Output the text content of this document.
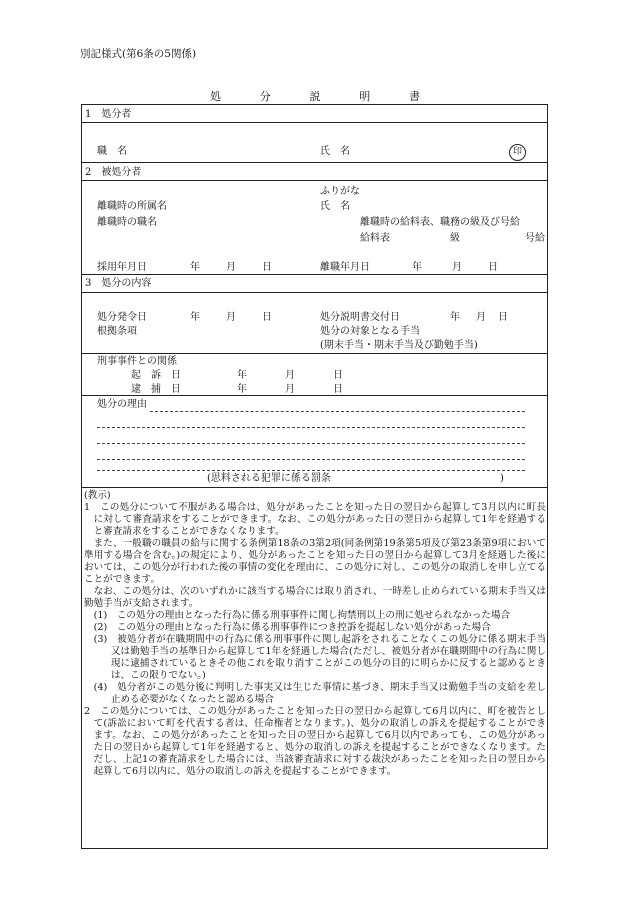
別記様式(第6条の5関係)
処	分	説	明	書
1　処分者
職　名	氏　名	印
2　被処分者
ふりがな
離職時の所属名	氏　名
離職時の職名	離職時の給料表、職務の級及び号給
給料表	級	号給
採用年月日	年	月	日	離職年月日	年	月	日
3　処分の内容
処分発令日	年	月	日	処分説明書交付日	年 月 日
根拠条項	処分の対象となる手当
(期末手当・期末手当及び勤勉手当)
刑事事件との関係
起　訴　日	年	月	日
逮　捕　日	年	月	日
処分の理由
(思料される犯罪に係る罰条	)

(教示)

1　この処分について不服がある場合は、処分があったことを知った日の翌日から起算して3月以内に町長に対して審査請求をすることができます。なお、この処分があった日の翌日から起算して1年を経過すると審査請求をすることができなくなります。

また、一般職の職員の給与に関する条例第18条の3第2項(同条例第19条第5項及び第23条第9項において準用する場合を含む。)の規定により、処分があったことを知った日の翌日から起算して3月を経過した後においては、この処分が行われた後の事情の変化を理由に、この処分に対し、この処分の取消しを申し立てることができます。

なお、この処分は、次のいずれかに該当する場合には取り消され、一時差し止められている期末手当又は勤勉手当が支給されます。

(1)　この処分の理由となった行為に係る刑事事件に関し拘禁刑以上の刑に処せられなかった場合

(2)　この処分の理由となった行為に係る刑事事件につき控訴を提起しない処分があった場合

(3)　被処分者が在職期間中の行為に係る刑事事件に関し起訴をされることなくこの処分に係る期末手当又は勤勉手当の基準日から起算して1年を経過した場合(ただし、被処分者が在職期間中の行為に関し現に逮捕されているときその他これを取り消すことがこの処分の目的に明らかに反すると認めるときは、この限りでない。)

(4)　処分者がこの処分後に判明した事実又は生じた事情に基づき、期末手当又は勤勉手当の支給を差し止める必要がなくなったと認める場合

2　この処分については、この処分があったことを知った日の翌日から起算して6月以内に、町を被告として(訴訟において町を代表する者は、任命権者となります。)、処分の取消しの訴えを提起することができます。なお、この処分があったことを知った日の翌日から起算して6月以内であっても、この処分があった日の翌日から起算して1年を経過すると、処分の取消しの訴えを提起することができなくなります。ただし、上記1の審査請求をした場合には、当該審査請求に対する裁決があったことを知った日の翌日から起算して6月以内に、処分の取消しの訴えを提起することができます。
